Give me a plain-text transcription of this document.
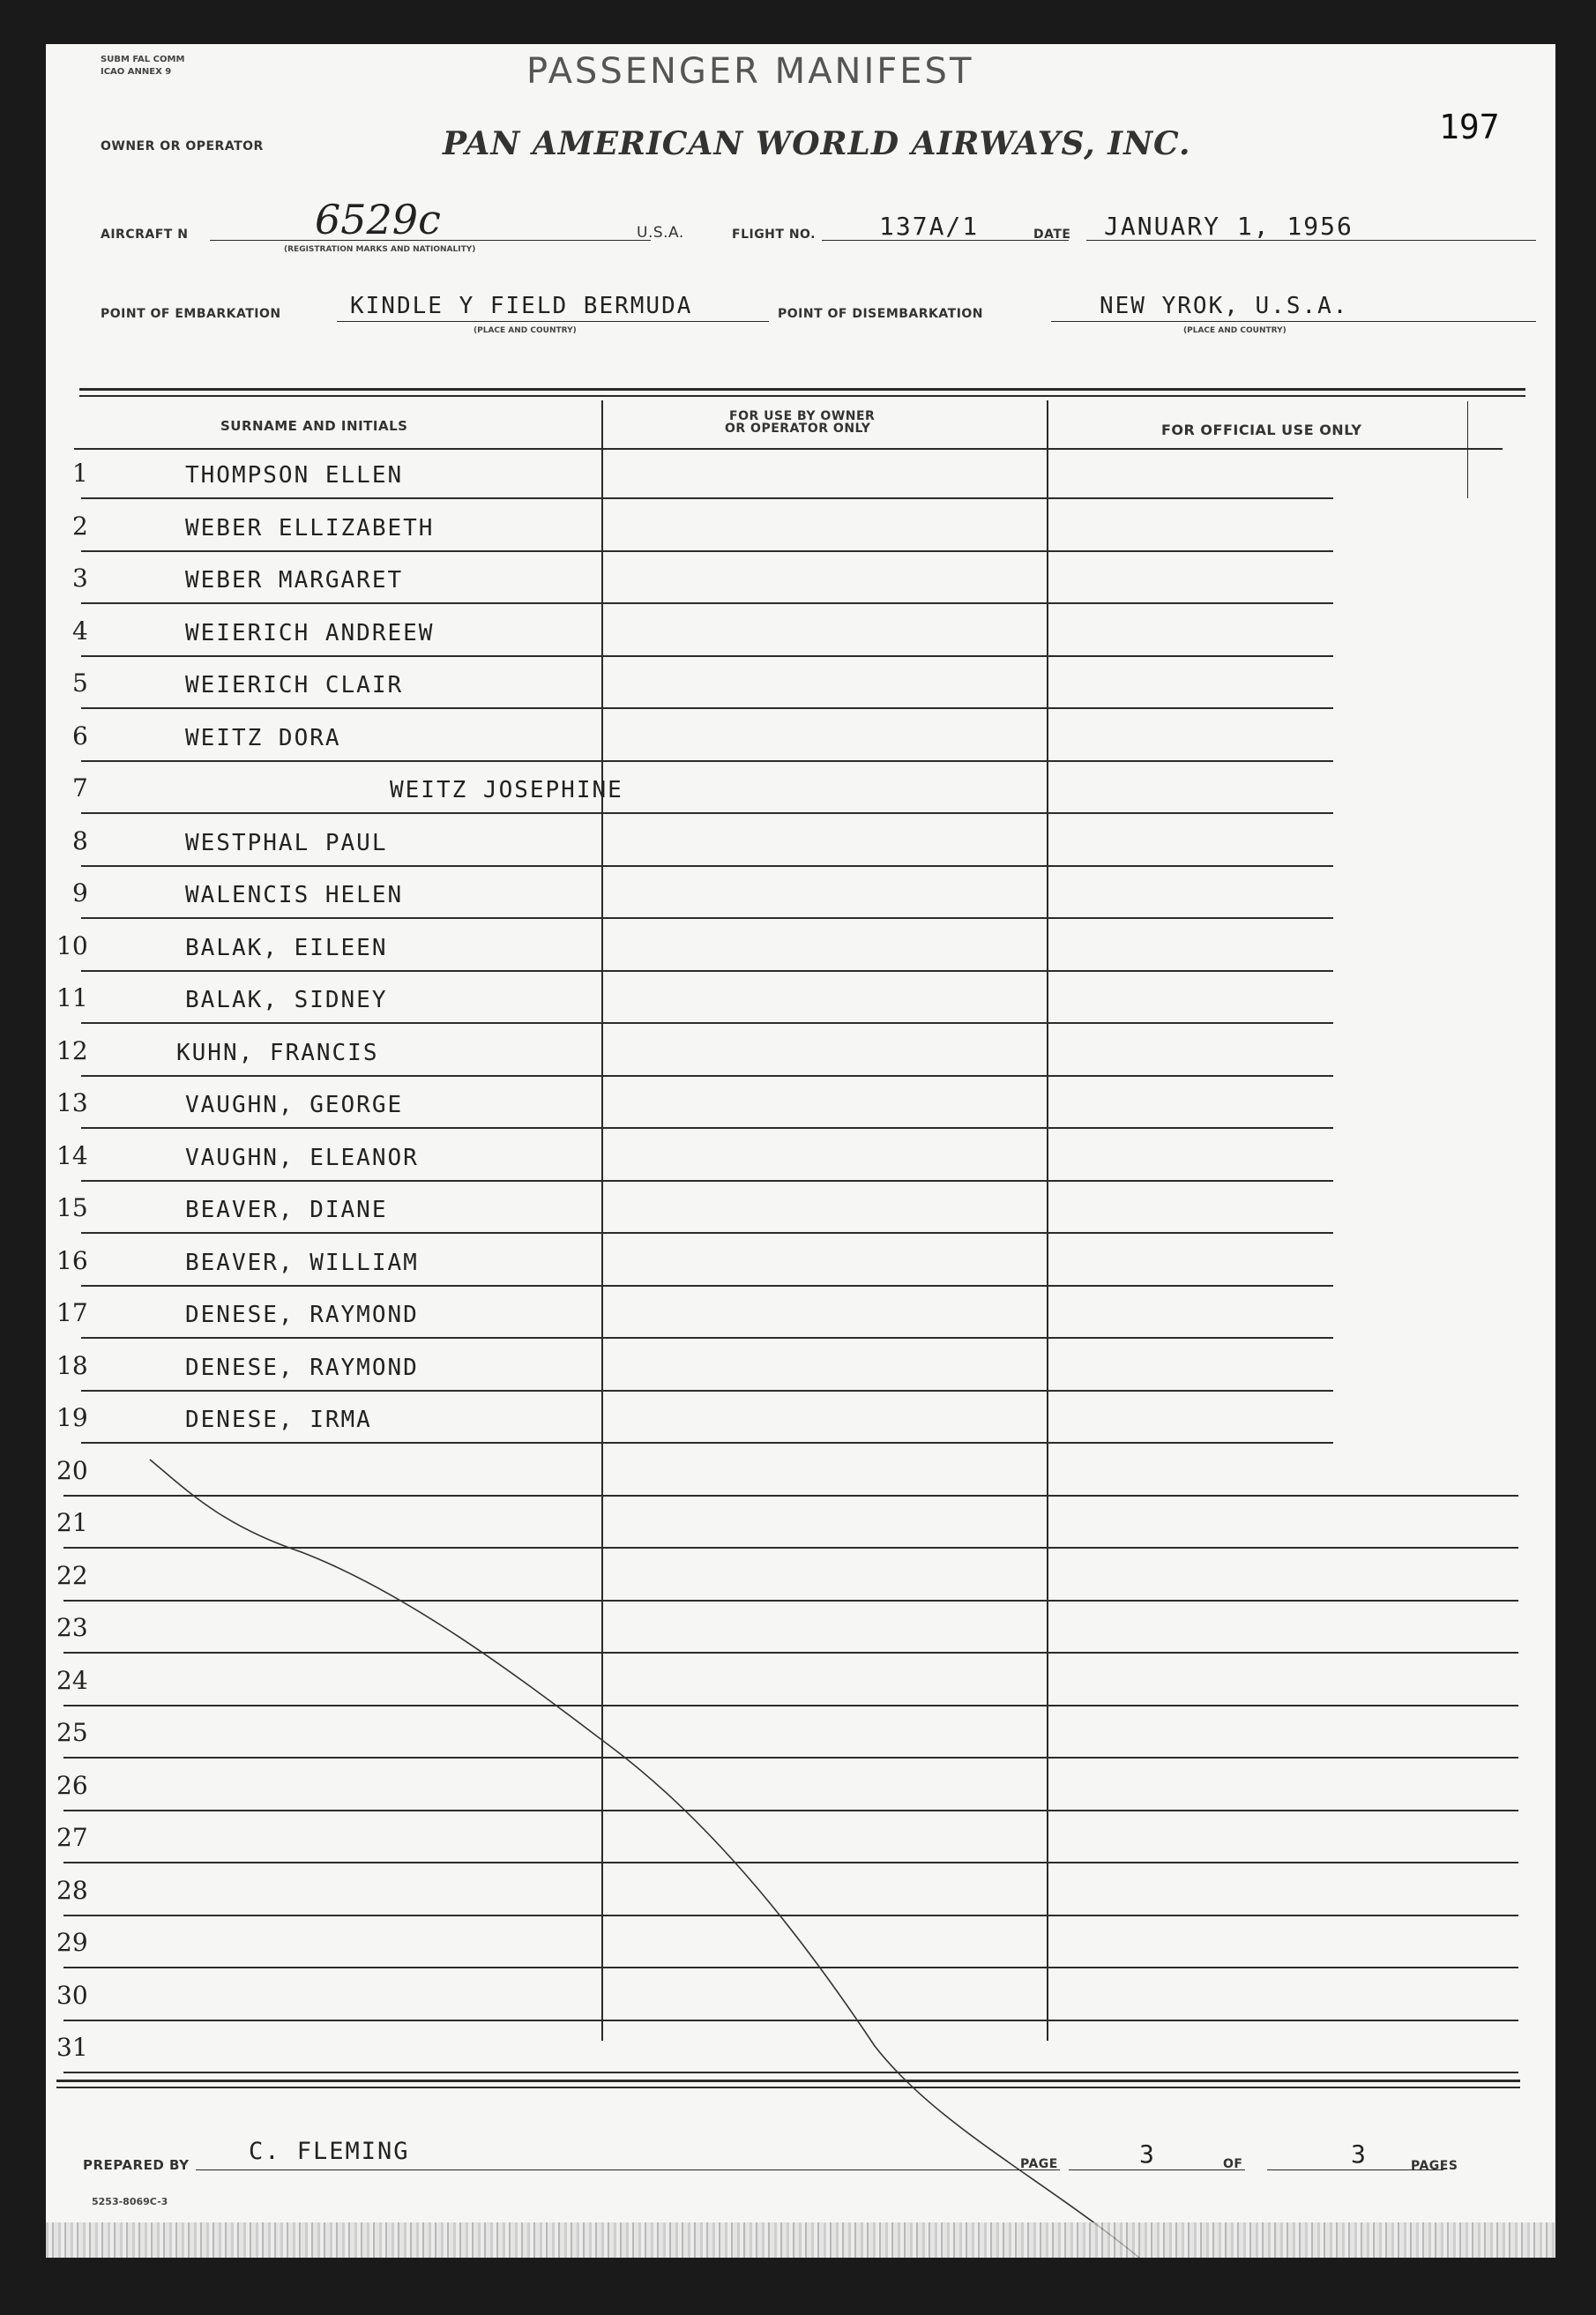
SUBM FAL COMM
ICAO ANNEX 9	PASSENGER MANIFEST
197
OWNER OR OPERATOR	PAN AMERICAN WORLD AIRWAYS, INC.
AIRCRAFT N	6529c
(REGISTRATION MARKS AND NATIONALITY)
U.S.A.	FLIGHT NO.	137A/1	DATE JANUARY 1, 1956
POINT OF EMBARKATION	KINDLE Y FIELD BERMUDA
(PLACE AND COUNTRY)
POINT OF DISEMBARKATION	NEW YROK, U.S.A.
(PLACE AND COUNTRY)
SURNAME AND INITIALS
FOR USE BY OWNER
OR OPERATOR ONLY	FOR OFFICIAL USE ONLY
1	THOMPSON ELLEN
2	WEBER ELLIZABETH
3	WEBER MARGARET
4	WEIERICH ANDREEW
5	WEIERICH CLAIR
6	WEITZ DORA
7	WEITZ JOSEPHINE
8	WESTPHAL PAUL
9	WALENCIS HELEN
10	BALAK, EILEEN
11	BALAK, SIDNEY
12	KUHN, FRANCIS
13	VAUGHN, GEORGE
14	VAUGHN, ELEANOR
15	BEAVER, DIANE
16	BEAVER, WILLIAM
17	DENESE, RAYMOND
18	DENESE, RAYMOND
19	DENESE, IRMA
20
21
22
23
24
25
26
27
28
29
30
31
PREPARED BY	C. FLEMING	PAGE	3	OF	3	PAGES
5253-8069C-3
